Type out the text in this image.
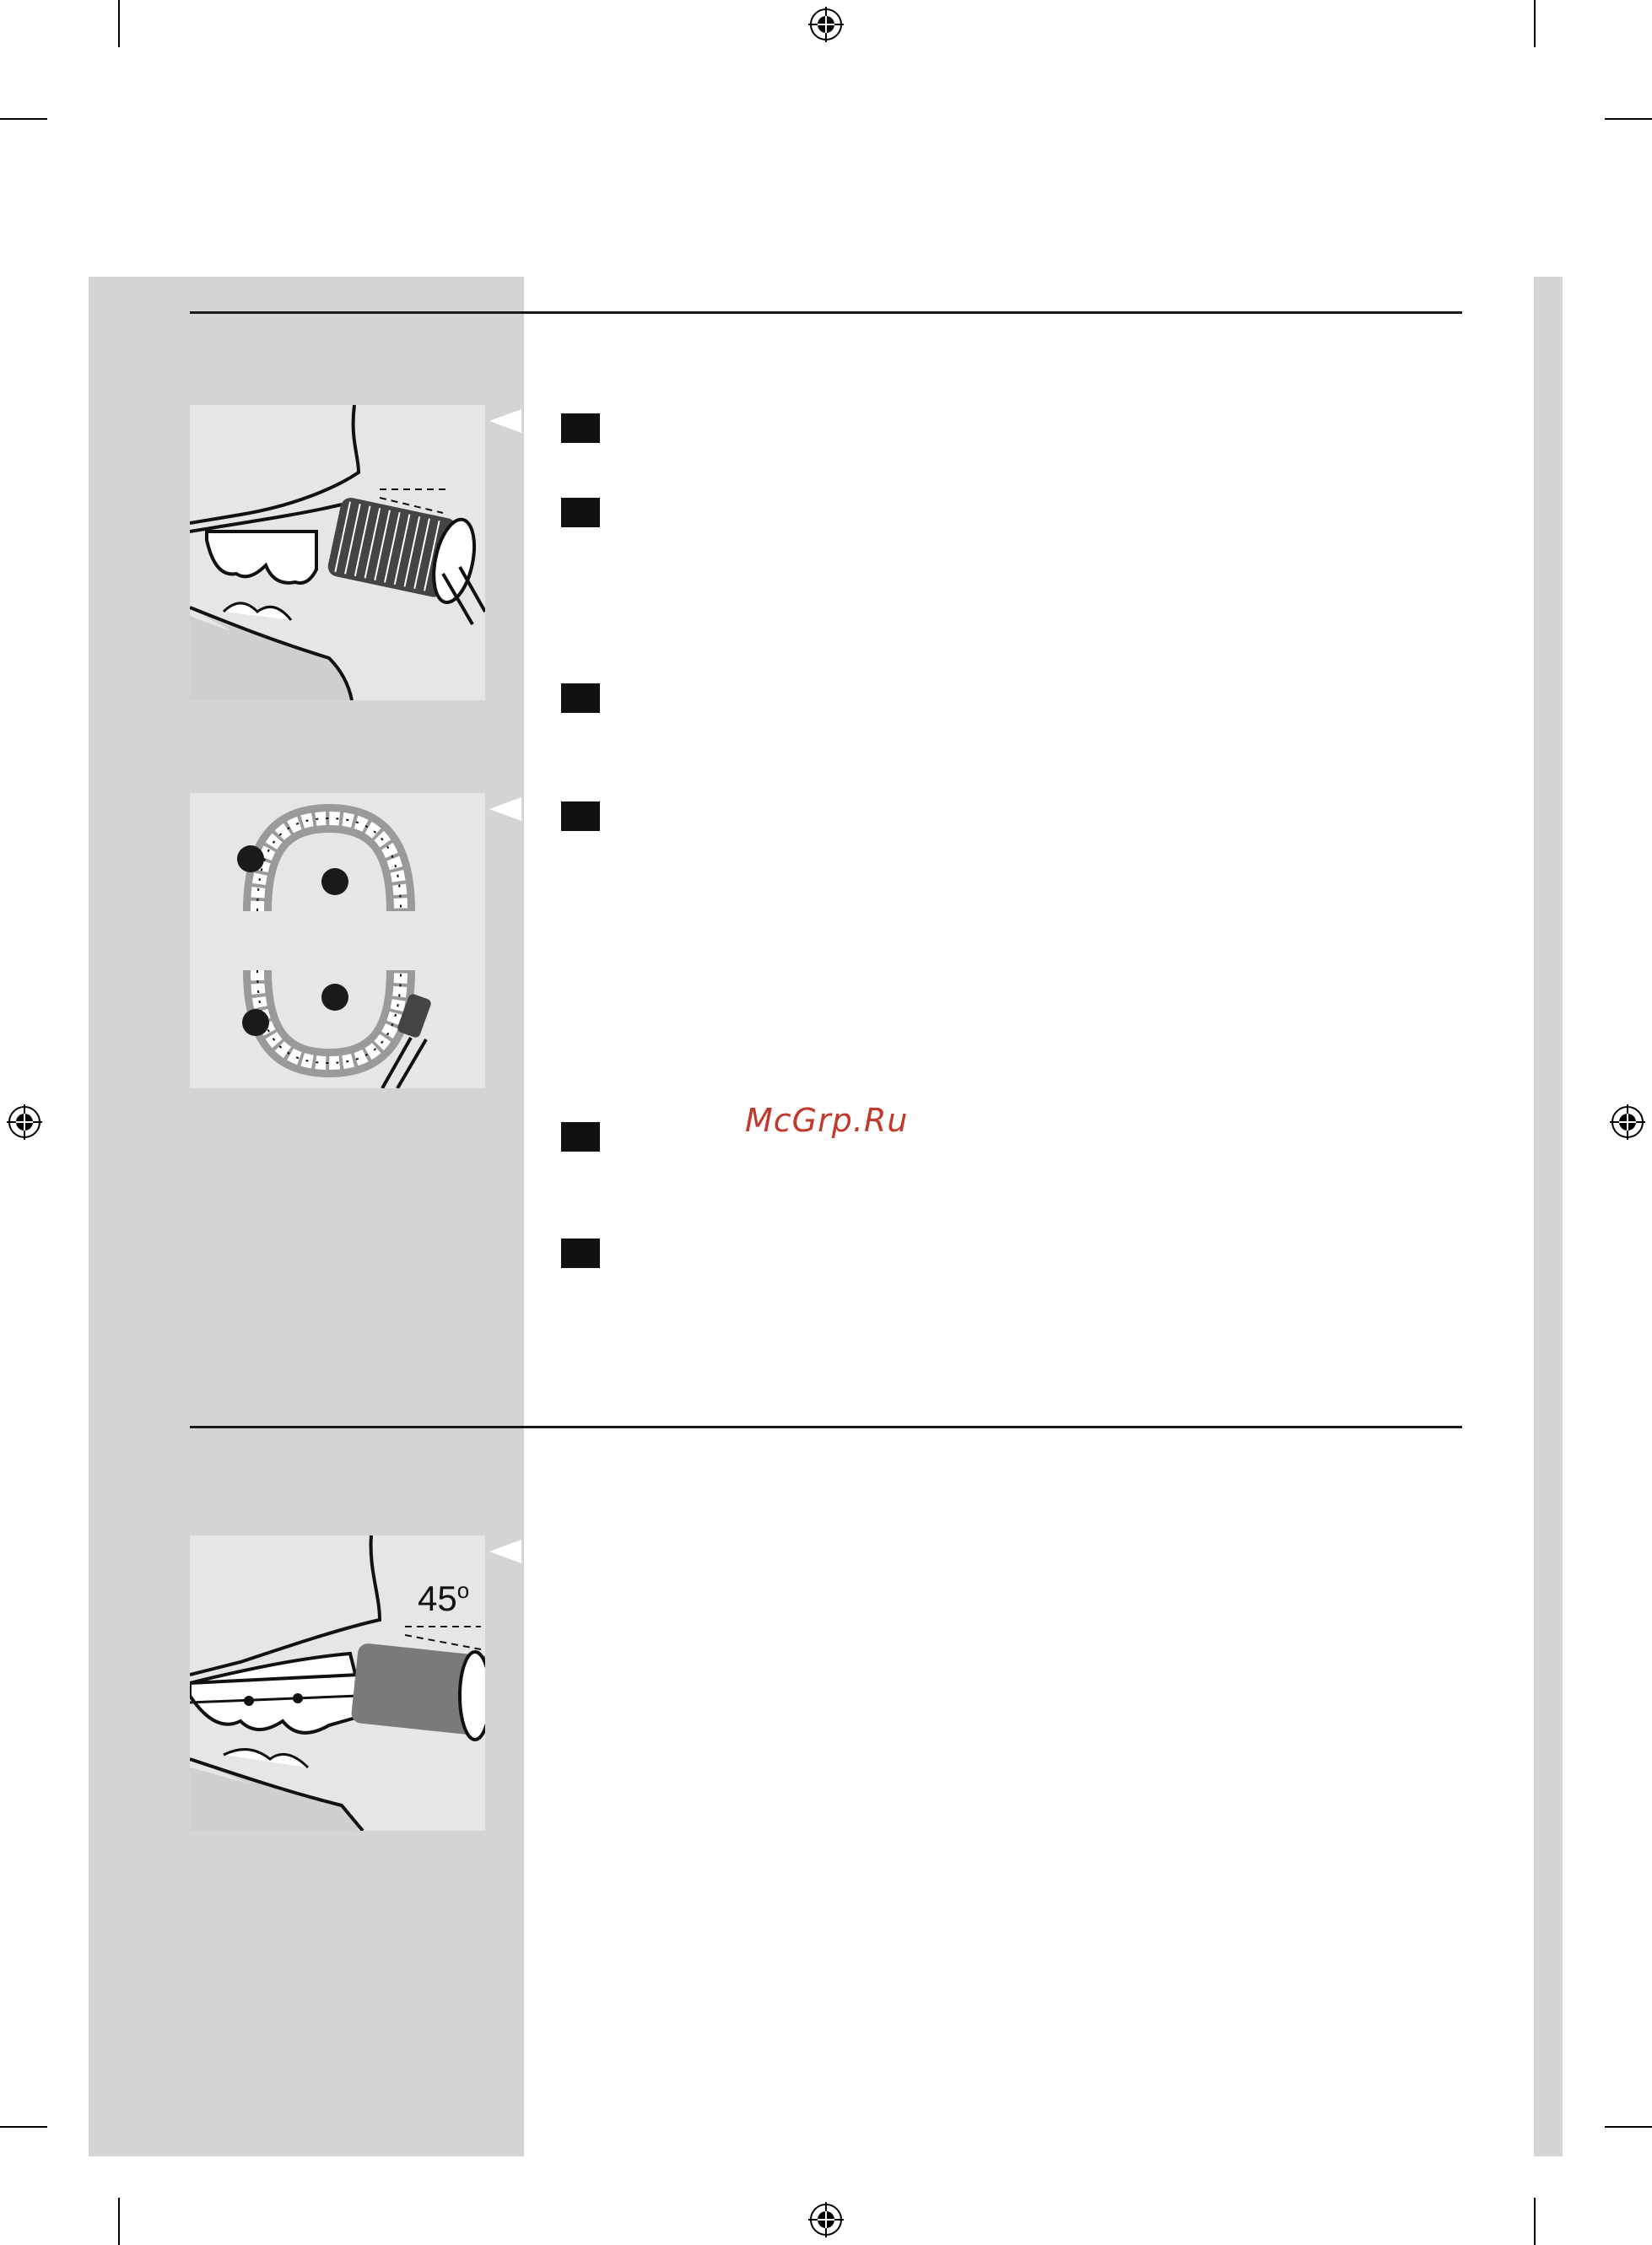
45$^o$
McGrp.Ru
